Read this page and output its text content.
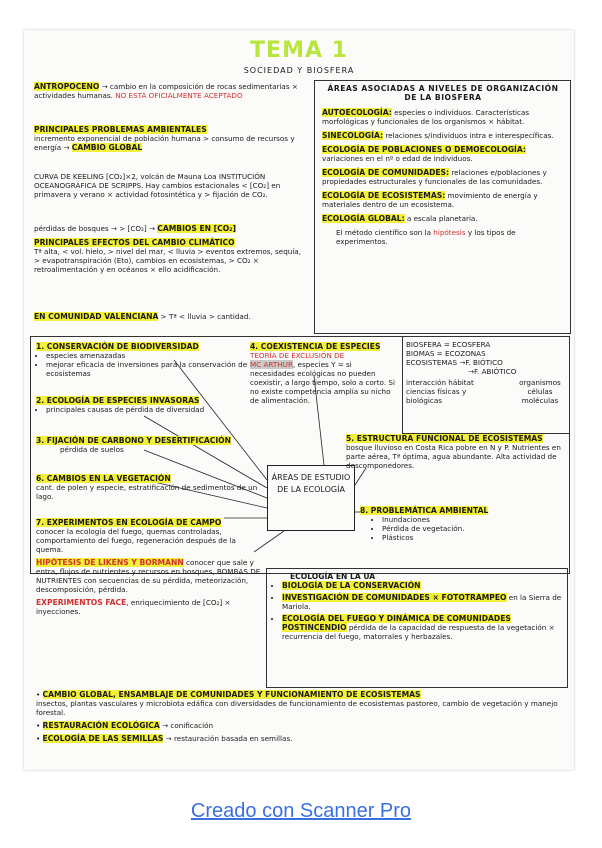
TEMA 1
SOCIEDAD Y BIOSFERA
ANTROPOCENO → cambio en la composición de rocas sedimentarias × actividades humanas. NO ESTÁ OFICIALMENTE ACEPTADO
PRINCIPALES PROBLEMAS AMBIENTALES
incremento exponencial de población humana > consumo de recursos y energía → CAMBIO GLOBAL
CURVA DE KEELING [CO₂]×2, volcán de Mauna Loa INSTITUCIÓN OCEANOGRÁFICA DE SCRIPPS. Hay cambios estacionales < [CO₂] en primavera y verano × actividad fotosintética y > fijación de CO₂.
pérdidas de bosques → > [CO₂] → CAMBIOS EN [CO₂]
PRINCIPALES EFECTOS DEL CAMBIO CLIMÁTICO
Tª alta, < vol. hielo, > nivel del mar, < lluvia > eventos extremos, sequía, > evapotranspiración (Eto), cambios en ecosistemas, > CO₂ × retroalimentación y en océanos × ello acidificación.
EN COMUNIDAD VALENCIANA > Tª < lluvia > cantidad.
ÁREAS ASOCIADAS A NIVELES DE ORGANIZACIÓN DE LA BIOSFERA
AUTOECOLOGÍA: especies o individuos. Características morfológicas y funcionales de los organismos × hábitat.
SINECOLOGÍA: relaciones s/individuos intra e interespecíficas.
ECOLOGÍA DE POBLACIONES O DEMOECOLOGÍA: variaciones en el nº o edad de individuos.
ECOLOGÍA DE COMUNIDADES: relaciones e/poblaciones y propiedades estructurales y funcionales de las comunidades.
ECOLOGÍA DE ECOSISTEMAS: movimiento de energía y materiales dentro de un ecosistema.
ECOLOGÍA GLOBAL: a escala planetaria.
El método científico son la hipótesis y los tipos de experimentos.
1. CONSERVACIÓN DE BIODIVERSIDAD
• especies amenazadas
• mejorar eficacia de inversiones para la conservación de ecosistemas
2. ECOLOGÍA DE ESPECIES INVASORAS
• principales causas de pérdida de diversidad
3. FIJACIÓN DE CARBONO Y DESERTIFICACIÓN
pérdida de suelos
6. CAMBIOS EN LA VEGETACIÓN
cant. de polen y especie, estratificación de sedimentos de un lago.
7. EXPERIMENTOS EN ECOLOGÍA DE CAMPO
conocer la ecología del fuego, quemas controladas, comportamiento del fuego, regeneración después de la quema.
HIPÓTESIS DE LIKENS Y BORMANN conocer que sale y entra, flujos de nutrientes y recursos en bosques, BOMBAS DE NUTRIENTES con secuencias de su pérdida, meteorización, descomposición, pérdida.
EXPERIMENTOS FACE, enriquecimiento de [CO₂] × inyecciones.
4. COEXISTENCIA DE ESPECIES
TEORÍA DE EXCLUSIÓN DE
MC ARTHUR, especies Y = si necesidades ecológicas no pueden coexistir, a largo tiempo, solo a corto. Si no existe competencia amplía su nicho de alimentación.
ÁREAS DE ESTUDIO DE LA ECOLOGÍA
BIOSFERA = ECOSFERA
BIOMAS = ECOZONAS
ECOSISTEMAS →F. BIÓTICO
→F. ABIÓTICO
interacción hábitat ciencias físicas y biológicas
organismos células moléculas
5. ESTRUCTURA FUNCIONAL DE ECOSISTEMAS
bosque lluvioso en Costa Rica pobre en N y P. Nutrientes en parte aérea, Tª óptima, agua abundante. Alta actividad de descomponedores.
8. PROBLEMÁTICA AMBIENTAL
• Inundaciones
• Pérdida de vegetación.
• Plásticos
ECOLOGÍA EN LA UA
• BIOLOGÍA DE LA CONSERVACIÓN
• INVESTIGACIÓN DE COMUNIDADES × FOTOTRAMPEO en la Sierra de Mariola.
• ECOLOGÍA DEL FUEGO Y DINÁMICA DE COMUNIDADES POSTINCENDIO pérdida de la capacidad de respuesta de la vegetación × recurrencia del fuego, matorrales y herbazales.
• CAMBIO GLOBAL, ENSAMBLAJE DE COMUNIDADES Y FUNCIONAMIENTO DE ECOSISTEMAS
insectos, plantas vasculares y microbiota edáfica con diversidades de funcionamiento de ecosistemas pastoreo, cambio de vegetación y manejo forestal.
• RESTAURACIÓN ECOLÓGICA → conificación
• ECOLOGÍA DE LAS SEMILLAS → restauración basada en semillas.
Creado con Scanner Pro
